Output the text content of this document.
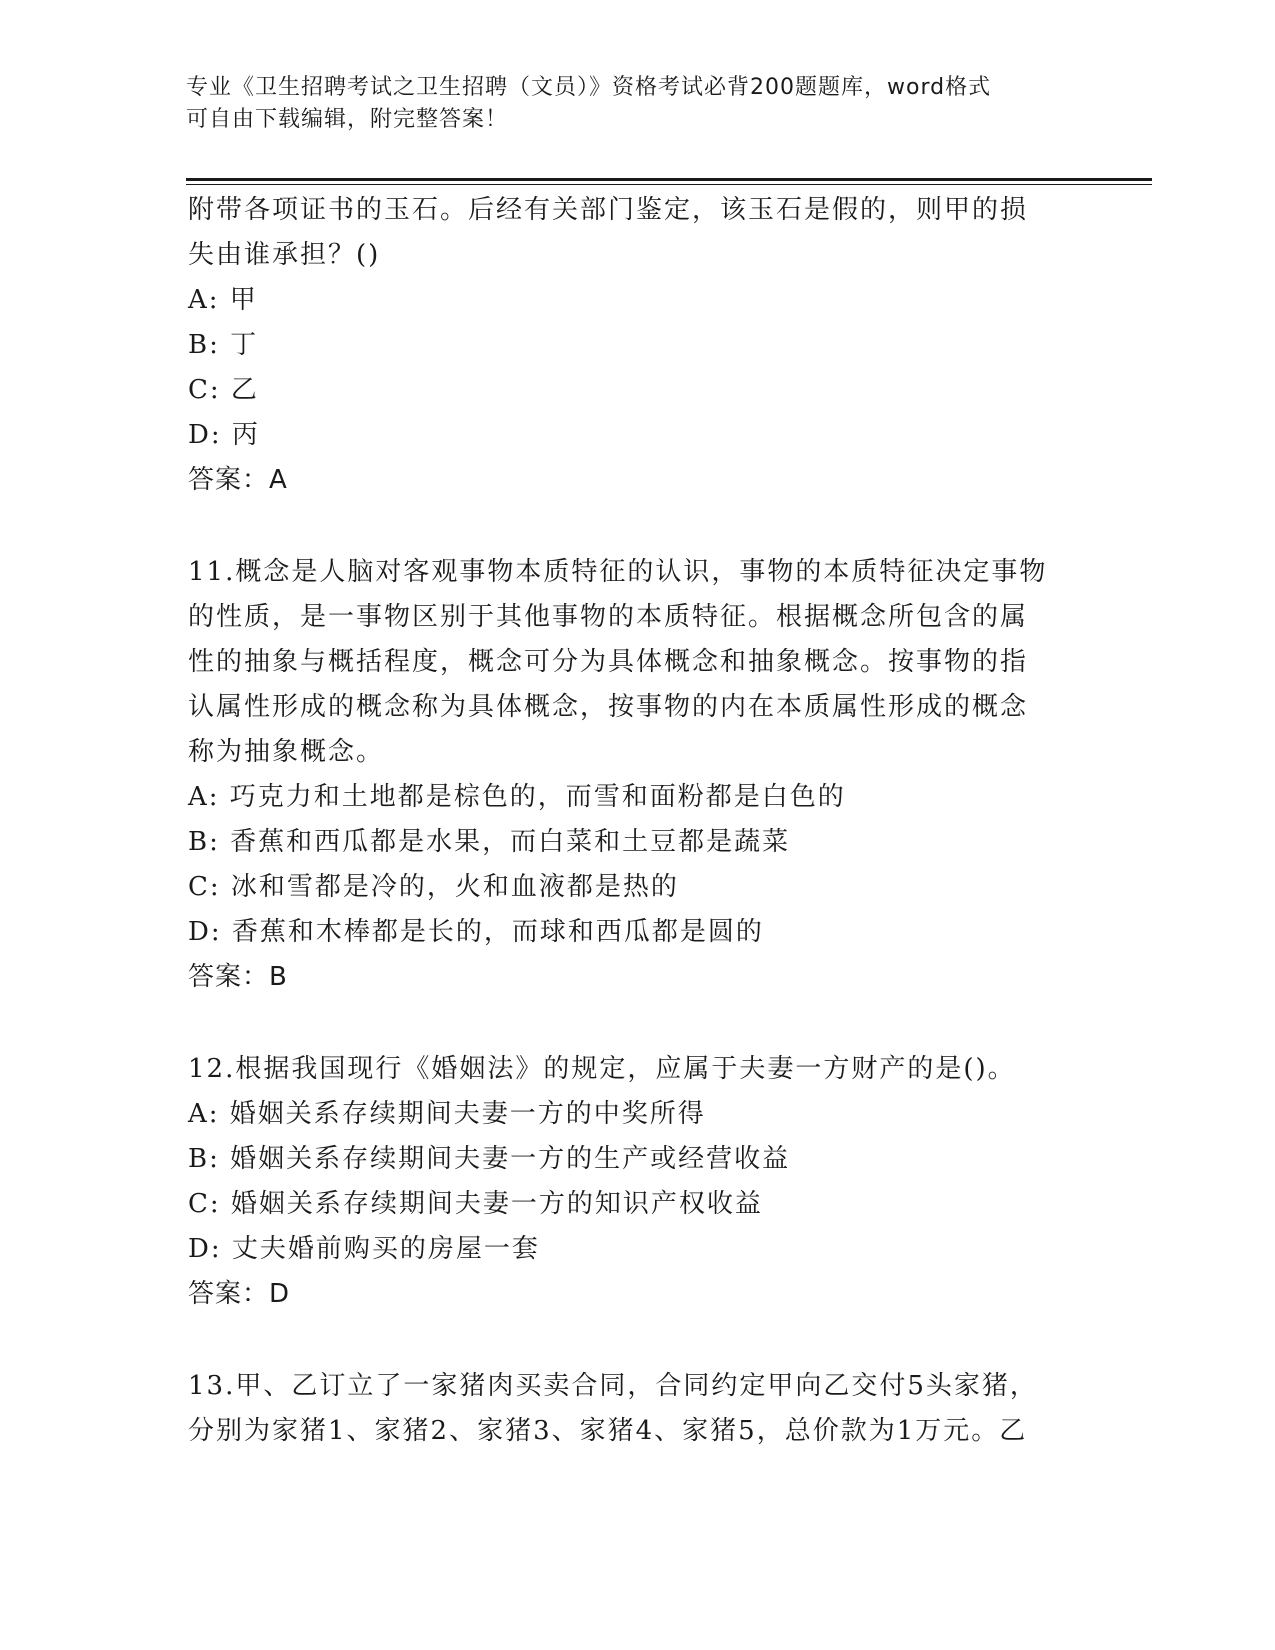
专业《卫生招聘考试之卫生招聘（文员）》资格考试必背200题题库，word格式
可自由下载编辑，附完整答案！
附带各项证书的玉石。后经有关部门鉴定，该玉石是假的，则甲的损
失由谁承担？()
A: 甲
B: 丁
C: 乙
D: 丙
答案：A
11.概念是人脑对客观事物本质特征的认识，事物的本质特征决定事物
的性质，是一事物区别于其他事物的本质特征。根据概念所包含的属
性的抽象与概括程度，概念可分为具体概念和抽象概念。按事物的指
认属性形成的概念称为具体概念，按事物的内在本质属性形成的概念
称为抽象概念。
A: 巧克力和土地都是棕色的，而雪和面粉都是白色的
B: 香蕉和西瓜都是水果，而白菜和土豆都是蔬菜
C: 冰和雪都是冷的，火和血液都是热的
D: 香蕉和木棒都是长的，而球和西瓜都是圆的
答案：B
12.根据我国现行《婚姻法》的规定，应属于夫妻一方财产的是()。
A: 婚姻关系存续期间夫妻一方的中奖所得
B: 婚姻关系存续期间夫妻一方的生产或经营收益
C: 婚姻关系存续期间夫妻一方的知识产权收益
D: 丈夫婚前购买的房屋一套
答案：D
13.甲、乙订立了一家猪肉买卖合同，合同约定甲向乙交付5头家猪，
分别为家猪1、家猪2、家猪3、家猪4、家猪5，总价款为1万元。乙
